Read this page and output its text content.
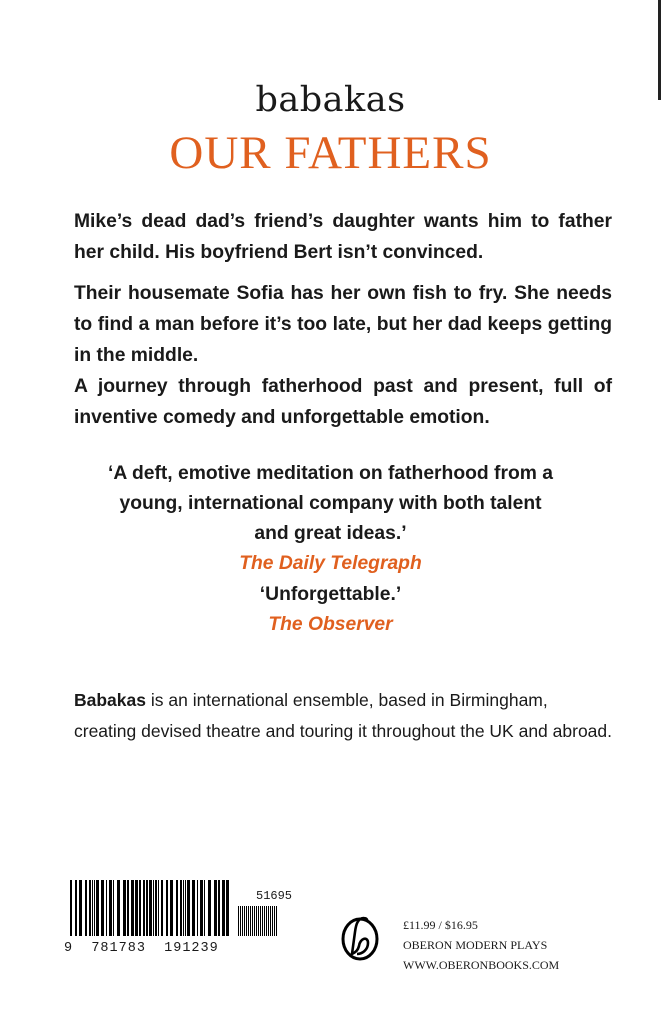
babakas
OUR FATHERS
Mike’s dead dad’s friend’s daughter wants him to father her child. His boyfriend Bert isn’t convinced.
Their housemate Sofia has her own fish to fry. She needs to find a man before it’s too late, but her dad keeps getting in the middle.
A journey through fatherhood past and present, full of inventive comedy and unforgettable emotion.
‘A deft, emotive meditation on fatherhood from a young, international company with both talent and great ideas.’
The Daily Telegraph
‘Unforgettable.’
The Observer
Babakas is an international ensemble, based in Birmingham, creating devised theatre and touring it throughout the UK and abroad.
51695
9 781783 191239
£11.99 / $16.95
OBERON MODERN PLAYS
WWW.OBERONBOOKS.COM
